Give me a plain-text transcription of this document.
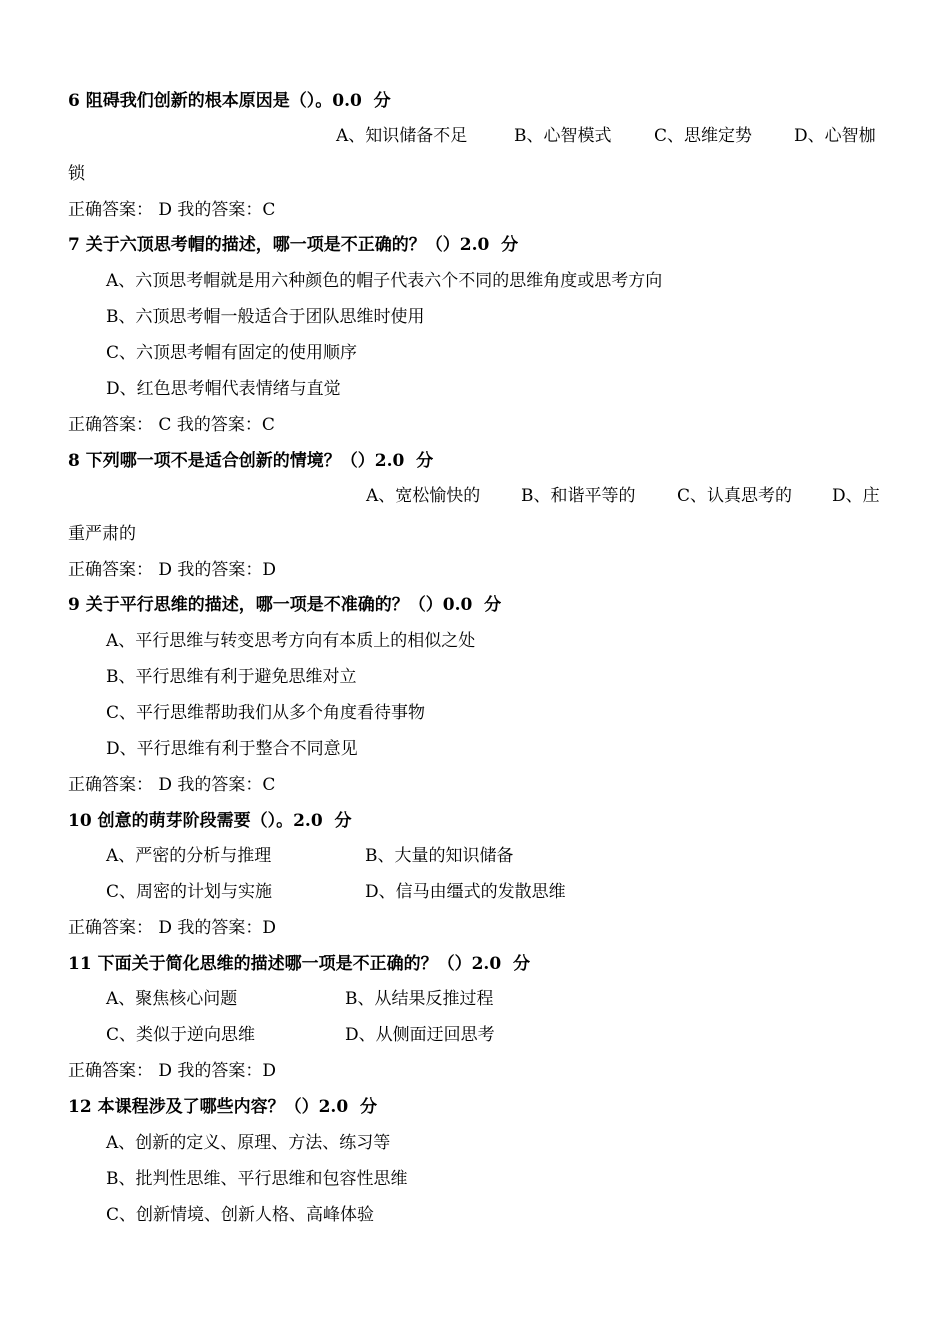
6 阻碍我们创新的根本原因是（）。0.0  分
A、知识储备不足	B、心智模式	C、思维定势 D、心智枷
锁
正确答案： D 我的答案：C
7 关于六顶思考帽的描述，哪一项是不正确的？（）2.0  分
A、六顶思考帽就是用六种颜色的帽子代表六个不同的思维角度或思考方向
B、六顶思考帽一般适合于团队思维时使用
C、六顶思考帽有固定的使用顺序
D、红色思考帽代表情绪与直觉
正确答案： C 我的答案：C
8 下列哪一项不是适合创新的情境？（）2.0  分
A、宽松愉快的 B、和谐平等的 C、认真思考的 D、庄
重严肃的
正确答案： D 我的答案：D
9 关于平行思维的描述，哪一项是不准确的？（）0.0  分
A、平行思维与转变思考方向有本质上的相似之处
B、平行思维有利于避免思维对立
C、平行思维帮助我们从多个角度看待事物
D、平行思维有利于整合不同意见
正确答案： D 我的答案：C
10 创意的萌芽阶段需要（）。2.0  分
A、严密的分析与推理	B、大量的知识储备
C、周密的计划与实施	D、信马由缰式的发散思维
正确答案： D 我的答案：D
11 下面关于简化思维的描述哪一项是不正确的？（）2.0  分
A、聚焦核心问题	B、从结果反推过程
C、类似于逆向思维	D、从侧面迂回思考
正确答案： D 我的答案：D
12 本课程涉及了哪些内容？（）2.0  分
A、创新的定义、原理、方法、练习等
B、批判性思维、平行思维和包容性思维
C、创新情境、创新人格、高峰体验
